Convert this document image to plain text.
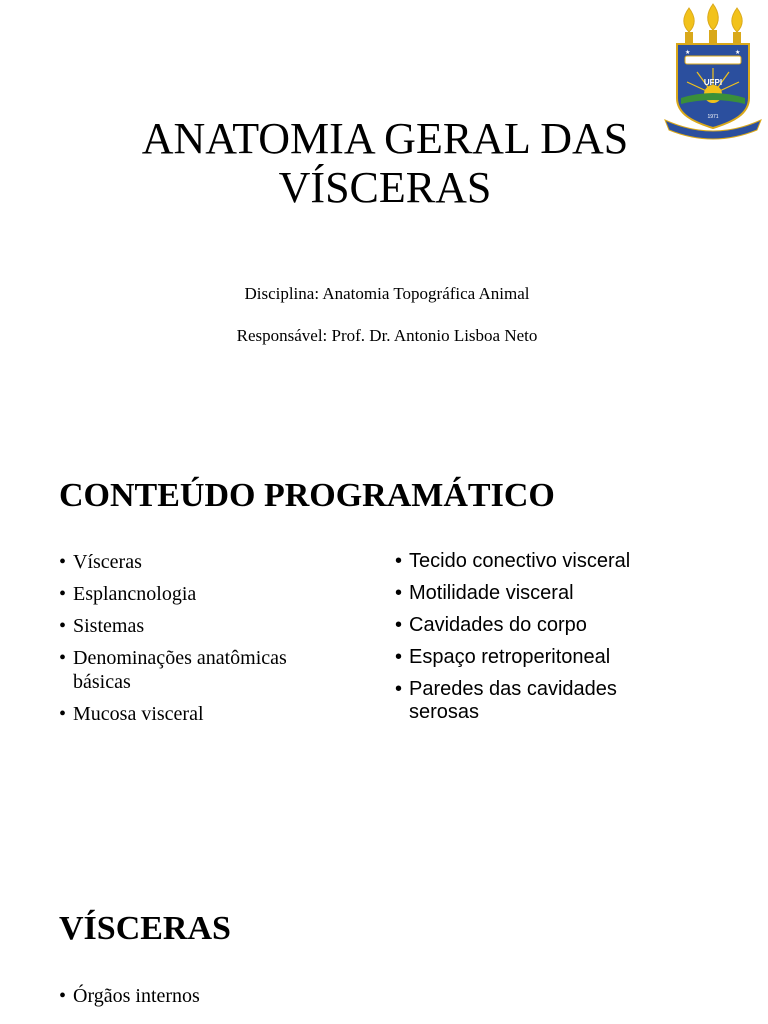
ANATOMIA GERAL DAS
VÍSCERAS
★	★
UFPI
1971

Disciplina: Anatomia Topográfica Animal

Responsável: Prof. Dr. Antonio Lisboa Neto

CONTEÚDO PROGRAMÁTICO
• Vísceras
• Esplancnologia
• Sistemas
• Denominações anatômicas básicas
• Mucosa visceral
• Tecido conectivo visceral
• Motilidade visceral
• Cavidades do corpo
• Espaço retroperitoneal
• Paredes das cavidades serosas
VÍSCERAS
• Órgãos internos
